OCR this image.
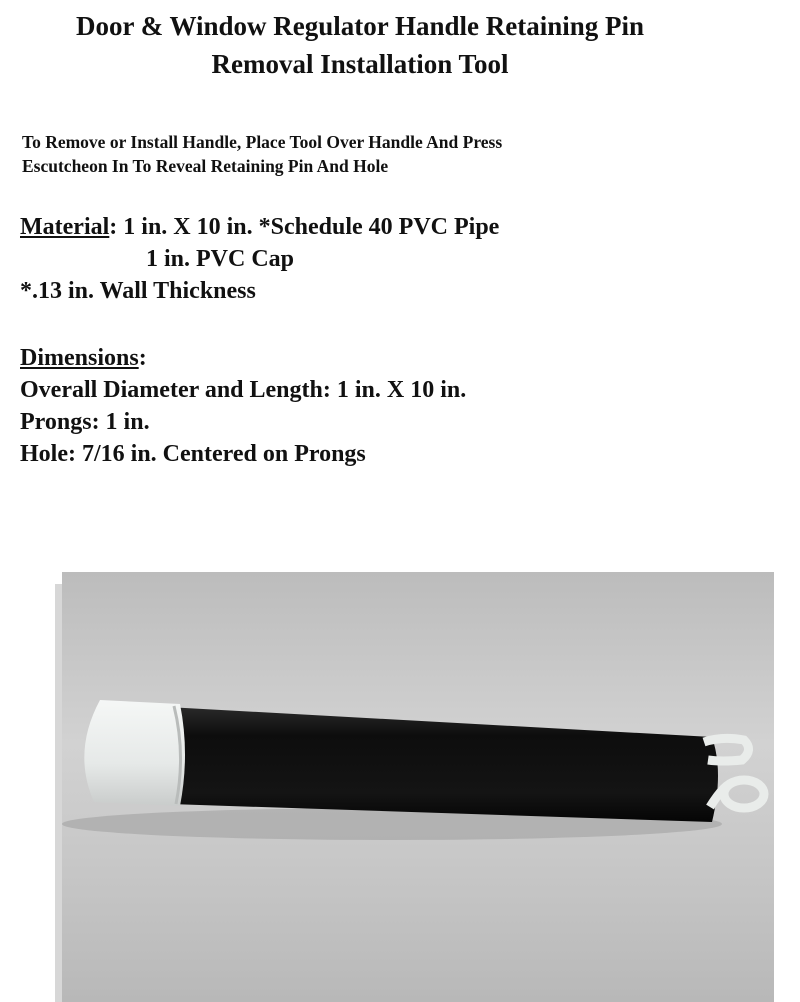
Door & Window Regulator Handle Retaining Pin
Removal Installation Tool
To Remove or Install Handle, Place Tool Over Handle And Press
Escutcheon In To Reveal Retaining Pin And Hole
Material: 1 in. X 10 in. *Schedule 40 PVC Pipe
1 in. PVC Cap
*.13 in. Wall Thickness
Dimensions:
Overall Diameter and Length: 1 in. X 10 in.
Prongs: 1 in.
Hole: 7/16 in. Centered on Prongs
